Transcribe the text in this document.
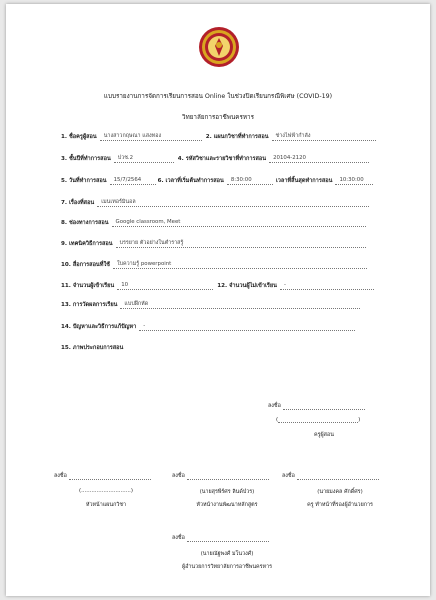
แบบรายงานการจัดการเรียนการสอน Online ในช่วงปิดเรียนกรณีพิเศษ (COVID-19)
วิทยาลัยการอาชีพนครหาร
1. ชื่อครูผู้สอน	นางสาวกฤษณา แสงทอง	2. แผนกวิชาที่ทำการสอน	ช่างไฟฟ้ากำลัง
3. ชั้นปีที่ทำการสอน	ปวช.2	4. รหัสวิชาและรายวิชาที่ทำการสอน	20104-2120
5. วันที่ทำการสอน	15/7/2564	6. เวลาที่เริ่มต้นทำการสอน	8:30:00	เวลาที่สิ้นสุดทำการสอน	10:30:00
7. เรื่องที่สอน	เมนเทอร์มินอล
8. ช่องทางการสอน	Google classroom, Meet
9. เทคนิควิธีการสอน	บรรยาย ตัวอย่างในตำราสรู้
10. สื่อการสอนที่ใช้	ใบความรู้ powerpoint
11. จำนวนผู้เข้าเรียน	10	12. จำนวนผู้ไม่เข้าเรียน	-
13. การวัดผลการเรียน	แบบฝึกหัด
14. ปัญหาและวิธีการแก้ปัญหา	-
15. ภาพประกอบการสอน
ลงชื่อ
(	)
ครูผู้สอน
ลงชื่อ
(.............................)
หัวหน้าแผนกวิชา
ลงชื่อ
(นายสุรพีร์ศร ลินด์ป่วร)
หัวหน้างานพัฒนาหลักสูตร
ลงชื่อ
(นายมงคล ศักดิ์ศร)
ครู ทำหน้าที่รองผู้อำนวยการ
ลงชื่อ
(นายณัฐพงศ์ มโนวงศ์)
ผู้อำนวยการวิทยาลัยการอาชีพนครหาร
